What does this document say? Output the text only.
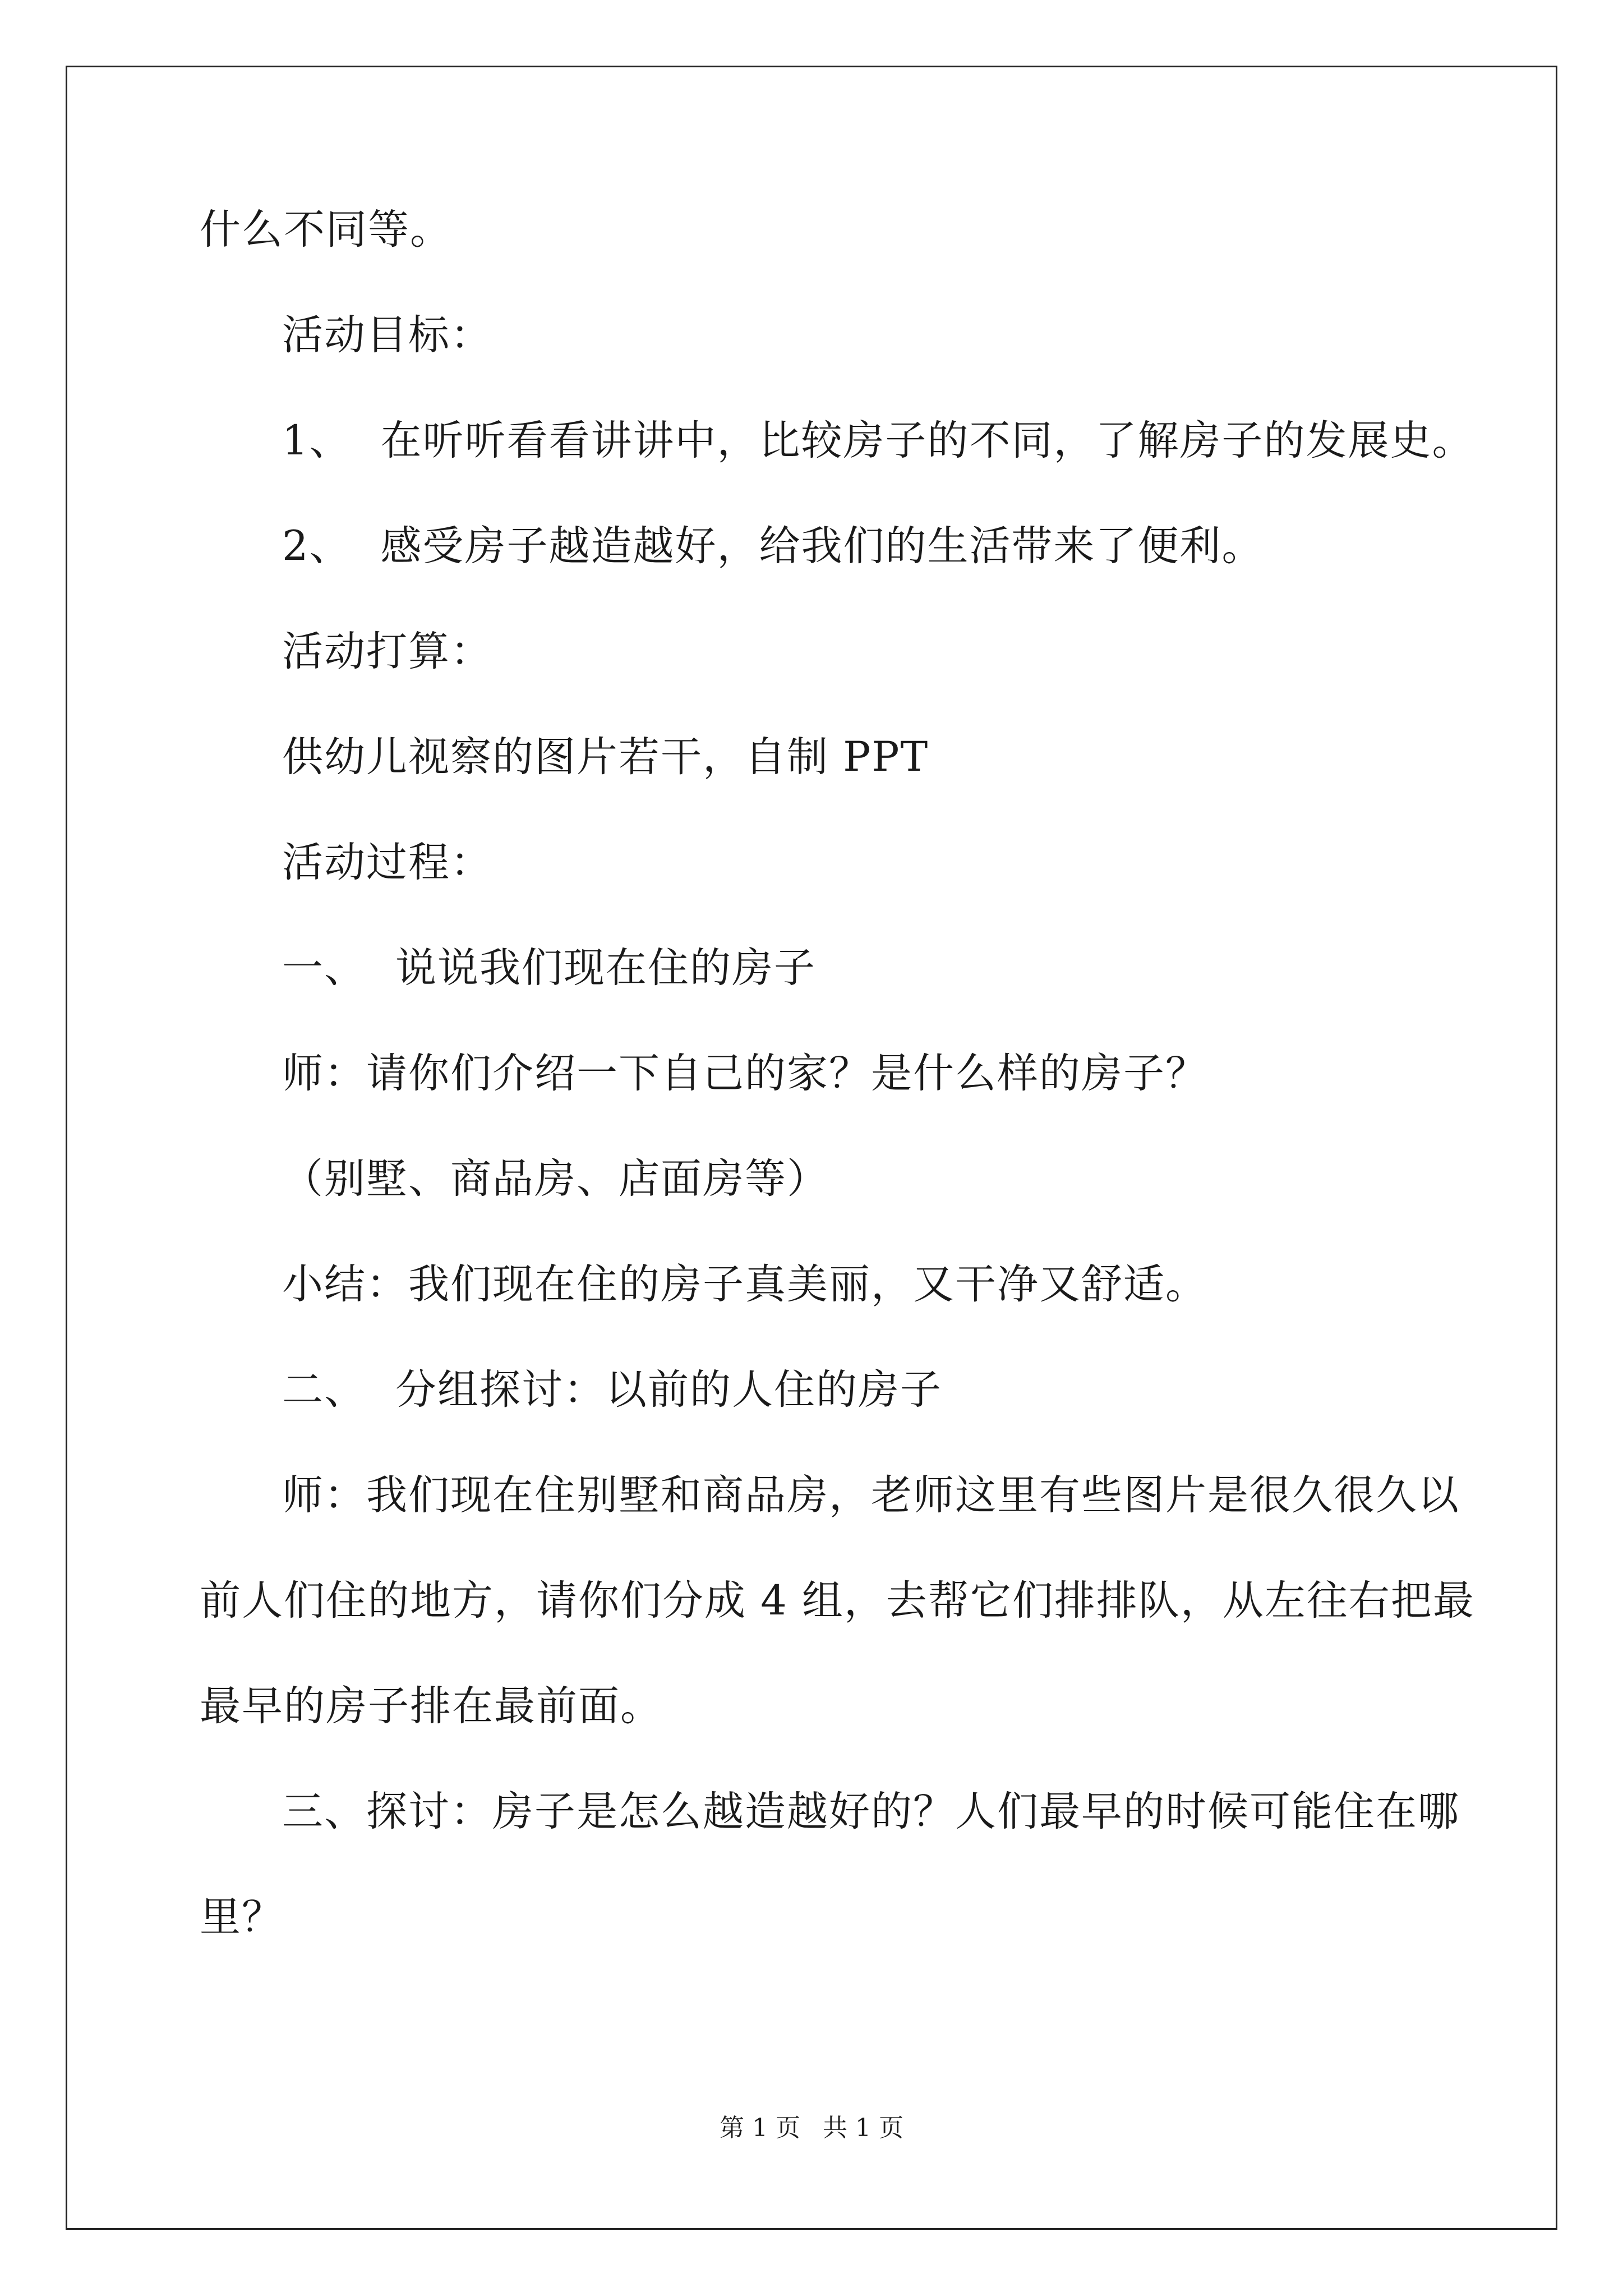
什么不同等。
活动目标：
1、 在听听看看讲讲中，比较房子的不同，了解房子的发展史。
2、 感受房子越造越好，给我们的生活带来了便利。
活动打算：
供幼儿视察的图片若干，自制 PPT
活动过程：
一、 说说我们现在住的房子
师：请你们介绍一下自己的家？是什么样的房子？
（别墅、商品房、店面房等）
小结：我们现在住的房子真美丽，又干净又舒适。
二、 分组探讨：以前的人住的房子
师：我们现在住别墅和商品房，老师这里有些图片是很久很久以
前人们住的地方，请你们分成 4 组，去帮它们排排队，从左往右把最
最早的房子排在最前面。
三、探讨：房子是怎么越造越好的？人们最早的时候可能住在哪
里？
第 1 页 共 1 页
